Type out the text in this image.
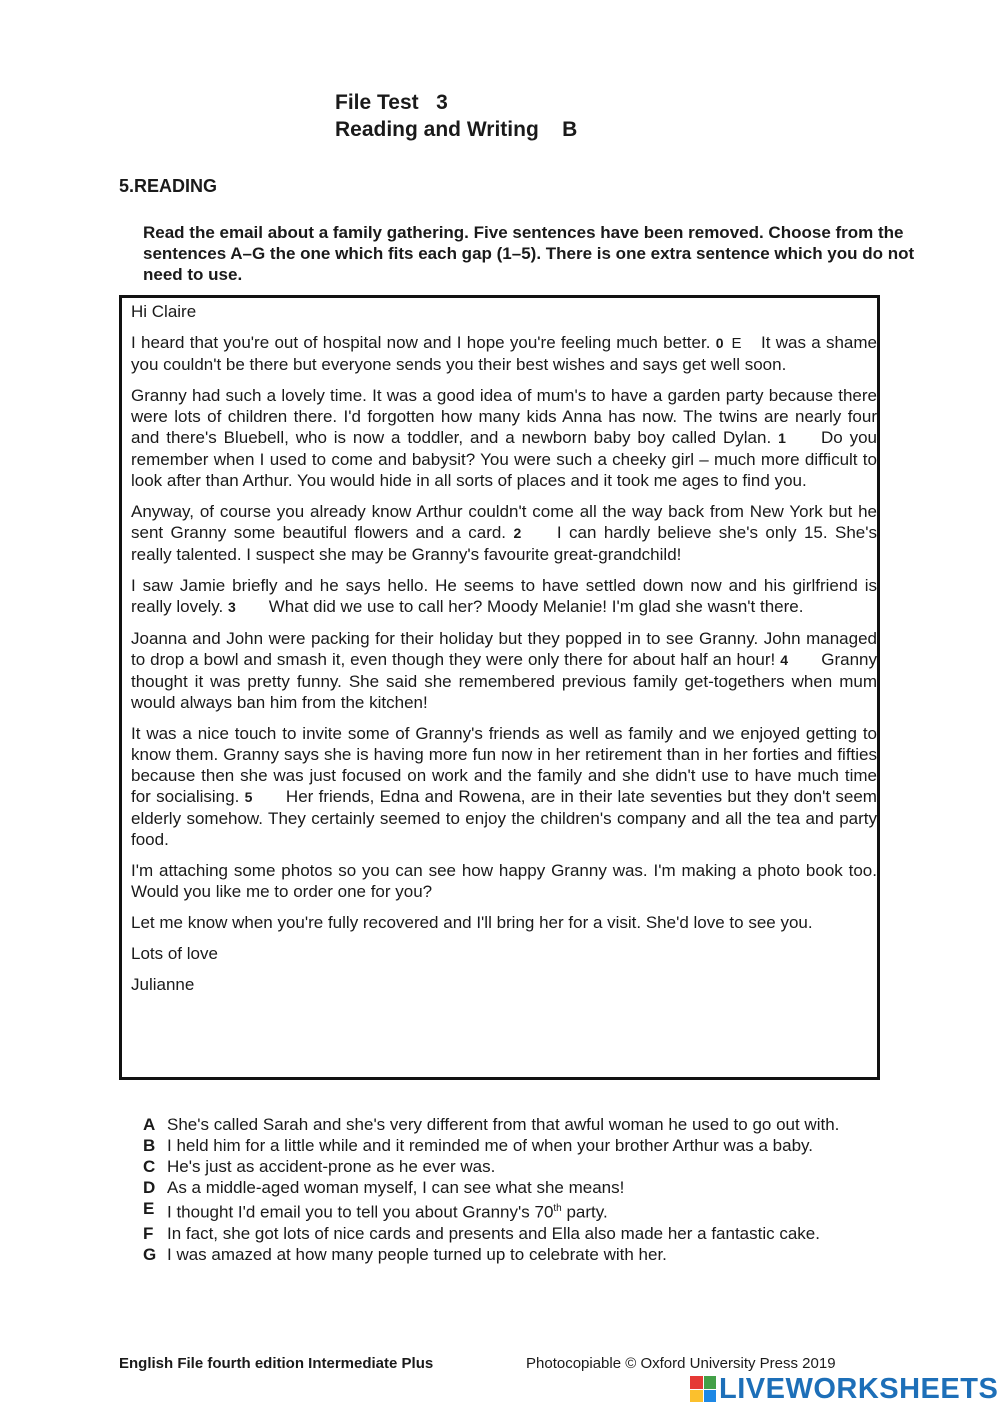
File Test   3
Reading and Writing    B
5.READING
Read the email about a family gathering. Five sentences have been removed. Choose from the sentences A–G the one which fits each gap (1–5). There is one extra sentence which you do not need to use.

Hi Claire

I heard that you're out of hospital now and I hope you're feeling much better. 0 E It was a shame you couldn't be there but everyone sends you their best wishes and says get well soon.

Granny had such a lovely time. It was a good idea of mum's to have a garden party because there were lots of children there. I'd forgotten how many kids Anna has now. The twins are nearly four and there's Bluebell, who is now a toddler, and a newborn baby boy called Dylan. 1 Do you remember when I used to come and babysit? You were such a cheeky girl – much more difficult to look after than Arthur. You would hide in all sorts of places and it took me ages to find you.

Anyway, of course you already know Arthur couldn't come all the way back from New York but he sent Granny some beautiful flowers and a card. 2 I can hardly believe she's only 15. She's really talented. I suspect she may be Granny's favourite great-grandchild!

I saw Jamie briefly and he says hello. He seems to have settled down now and his girlfriend is really lovely. 3 What did we use to call her? Moody Melanie! I'm glad she wasn't there.

Joanna and John were packing for their holiday but they popped in to see Granny. John managed to drop a bowl and smash it, even though they were only there for about half an hour! 4 Granny thought it was pretty funny. She said she remembered previous family get-togethers when mum would always ban him from the kitchen!

It was a nice touch to invite some of Granny's friends as well as family and we enjoyed getting to know them. Granny says she is having more fun now in her retirement than in her forties and fifties because then she was just focused on work and the family and she didn't use to have much time for socialising. 5 Her friends, Edna and Rowena, are in their late seventies but they don't seem elderly somehow. They certainly seemed to enjoy the children's company and all the tea and party food.

I'm attaching some photos so you can see how happy Granny was. I'm making a photo book too. Would you like me to order one for you?

Let me know when you're fully recovered and I'll bring her for a visit. She'd love to see you.

Lots of love

Julianne

A She's called Sarah and she's very different from that awful woman he used to go out with.
B I held him for a little while and it reminded me of when your brother Arthur was a baby.
C He's just as accident-prone as he ever was.
D As a middle-aged woman myself, I can see what she means!
E I thought I'd email you to tell you about Granny's 70th party.
F In fact, she got lots of nice cards and presents and Ella also made her a fantastic cake.
G I was amazed at how many people turned up to celebrate with her.
English File fourth edition Intermediate Plus	Photocopiable © Oxford University Press 2019
LIVEWORKSHEETS
